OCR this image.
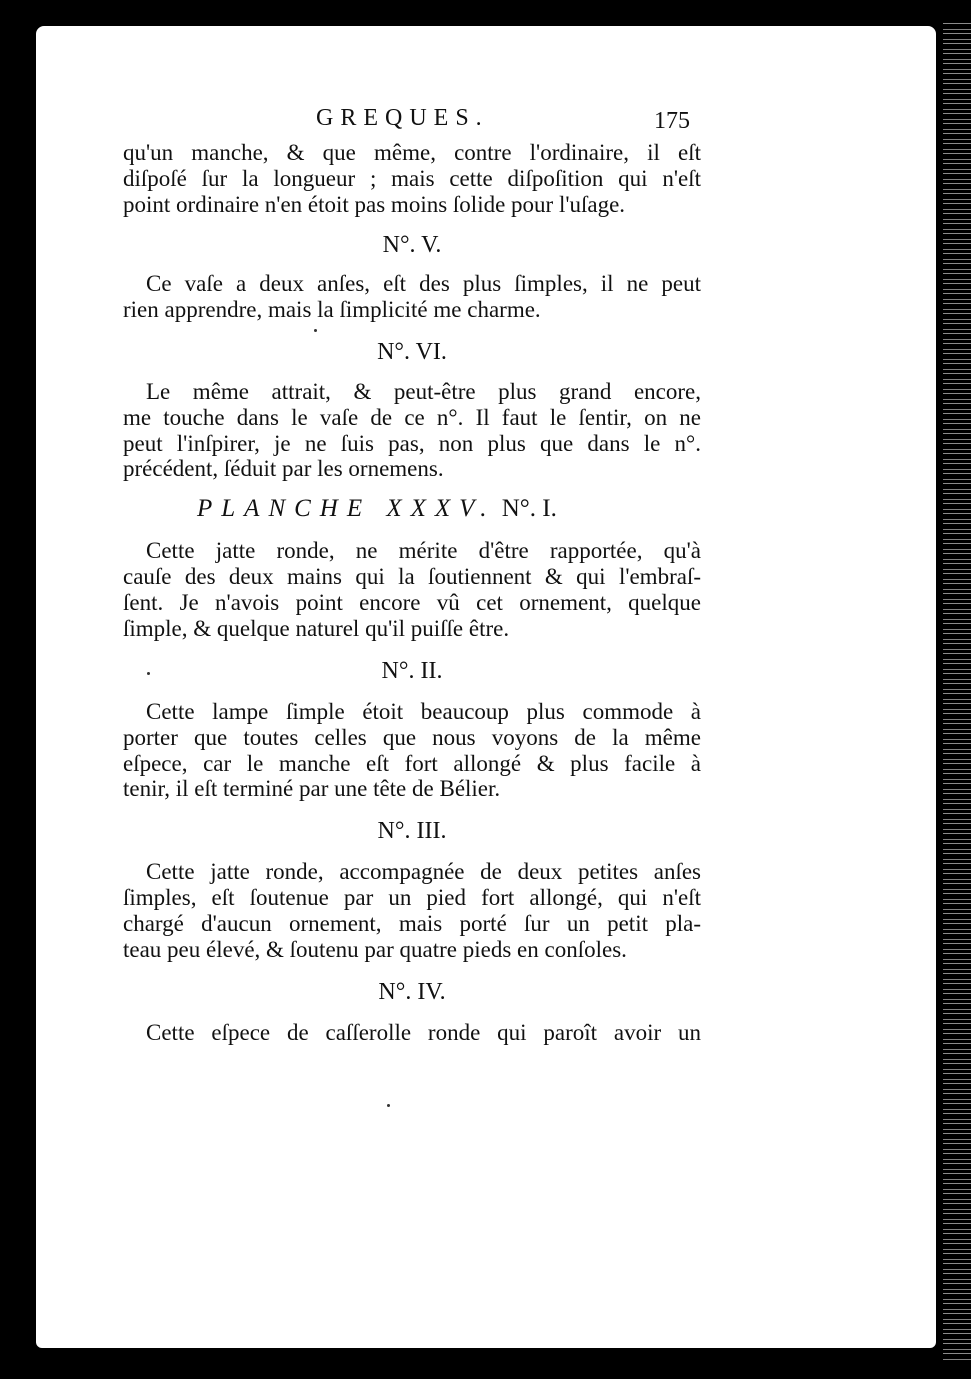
GREQUES.	175
qu'un manche, & que même, contre l'ordinaire, il eſt
diſpoſé ſur la longueur ; mais cette diſpoſition qui n'eſt
point ordinaire n'en étoit pas moins ſolide pour l'uſage.
N°. V.
Ce vaſe a deux anſes, eſt des plus ſimples, il ne peut
rien apprendre, mais la ſimplicité me charme.
N°. VI.
Le même attrait, & peut-être plus grand encore,
me touche dans le vaſe de ce n°. Il faut le ſentir, on ne
peut l'inſpirer, je ne ſuis pas, non plus que dans le n°.
précédent, ſéduit par les ornemens.
PLANCHE XXXV. N°. I.
Cette jatte ronde, ne mérite d'être rapportée, qu'à
cauſe des deux mains qui la ſoutiennent & qui l'embraſ-
ſent. Je n'avois point encore vû cet ornement, quelque
ſimple, & quelque naturel qu'il puiſſe être.
N°. II.
Cette lampe ſimple étoit beaucoup plus commode à
porter que toutes celles que nous voyons de la même
eſpece, car le manche eſt fort allongé & plus facile à
tenir, il eſt terminé par une tête de Bélier.
N°. III.
Cette jatte ronde, accompagnée de deux petites anſes
ſimples, eſt ſoutenue par un pied fort allongé, qui n'eſt
chargé d'aucun ornement, mais porté ſur un petit pla-
teau peu élevé, & ſoutenu par quatre pieds en conſoles.
N°. IV.
Cette eſpece de caſſerolle ronde qui paroît avoir un
